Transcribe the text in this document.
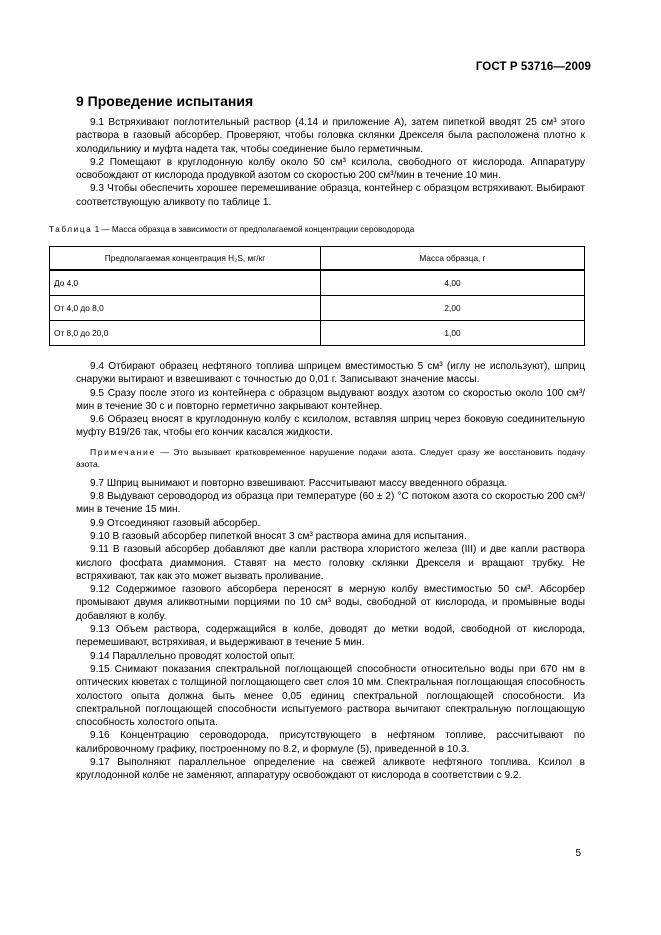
ГОСТ Р 53716—2009
9 Проведение испытания

9.1 Встряхивают поглотительный раствор (4.14 и приложение А), затем пипеткой вводят 25 см³ этого раствора в газовый абсорбер. Проверяют, чтобы головка склянки Дрекселя была расположена плотно к холодильнику и муфта надета так, чтобы соединение было герметичным.

9.2 Помещают в круглодонную колбу около 50 см³ ксилола, свободного от кислорода. Аппаратуру освобождают от кислорода продувкой азотом со скоростью 200 см³/мин в течение 10 мин.

9.3 Чтобы обеспечить хорошее перемешивание образца, контейнер с образцом встряхивают. Выбирают соответствующую аликвоту по таблице 1.

Таблица 1 — Масса образца в зависимости от предполагаемой концентрации сероводорода
Предполагаемая концентрация H₂S, мг/кг	Масса образца, г
До 4,0	4,00
От 4,0 до 8,0	2,00
От 8,0 до 20,0	1,00

9.4 Отбирают образец нефтяного топлива шприцем вместимостью 5 см³ (иглу не используют), шприц снаружи вытирают и взвешивают с точностью до 0,01 г. Записывают значение массы.

9.5 Сразу после этого из контейнера с образцом выдувают воздух азотом со скоростью около 100 см³/мин в течение 30 с и повторно герметично закрывают контейнер.

9.6 Образец вносят в круглодонную колбу с ксилолом, вставляя шприц через боковую соединительную муфту В19/26 так, чтобы его кончик касался жидкости.

Примечание — Это вызывает кратковременное нарушение подачи азота. Следует сразу же восстановить подачу азота.

9.7 Шприц вынимают и повторно взвешивают. Рассчитывают массу введенного образца.

9.8 Выдувают сероводород из образца при температуре (60 ± 2) °С потоком азота со скоростью 200 см³/мин в течение 15 мин.

9.9 Отсоединяют газовый абсорбер.

9.10 В газовый абсорбер пипеткой вносят 3 см³ раствора амина для испытания.

9.11 В газовый абсорбер добавляют две капли раствора хлористого железа (III) и две капли раствора кислого фосфата диаммония. Ставят на место головку склянки Дрекселя и вращают трубку. Не встряхивают, так как это может вызвать проливание.

9.12 Содержимое газового абсорбера переносят в мерную колбу вместимостью 50 см³. Абсорбер промывают двумя аликвотными порциями по 10 см³ воды, свободной от кислорода, и промывные воды добавляют в колбу.

9.13 Объем раствора, содержащийся в колбе, доводят до метки водой, свободной от кислорода, перемешивают, встряхивая, и выдерживают в течение 5 мин.

9.14 Параллельно проводят холостой опыт.

9.15 Снимают показания спектральной поглощающей способности относительно воды при 670 нм в оптических кюветах с толщиной поглощающего свет слоя 10 мм. Спектральная поглощающая способность холостого опыта должна быть менее 0,05 единиц спектральной поглощающей способности. Из спектральной поглощающей способности испытуемого раствора вычитают спектральную поглощающую способность холостого опыта.

9.16 Концентрацию сероводорода, присутствующего в нефтяном топливе, рассчитывают по калибровочному графику, построенному по 8.2, и формуле (5), приведенной в 10.3.

9.17 Выполняют параллельное определение на свежей аликвоте нефтяного топлива. Ксилол в круглодонной колбе не заменяют, аппаратуру освобождают от кислорода в соответствии с 9.2.

5
